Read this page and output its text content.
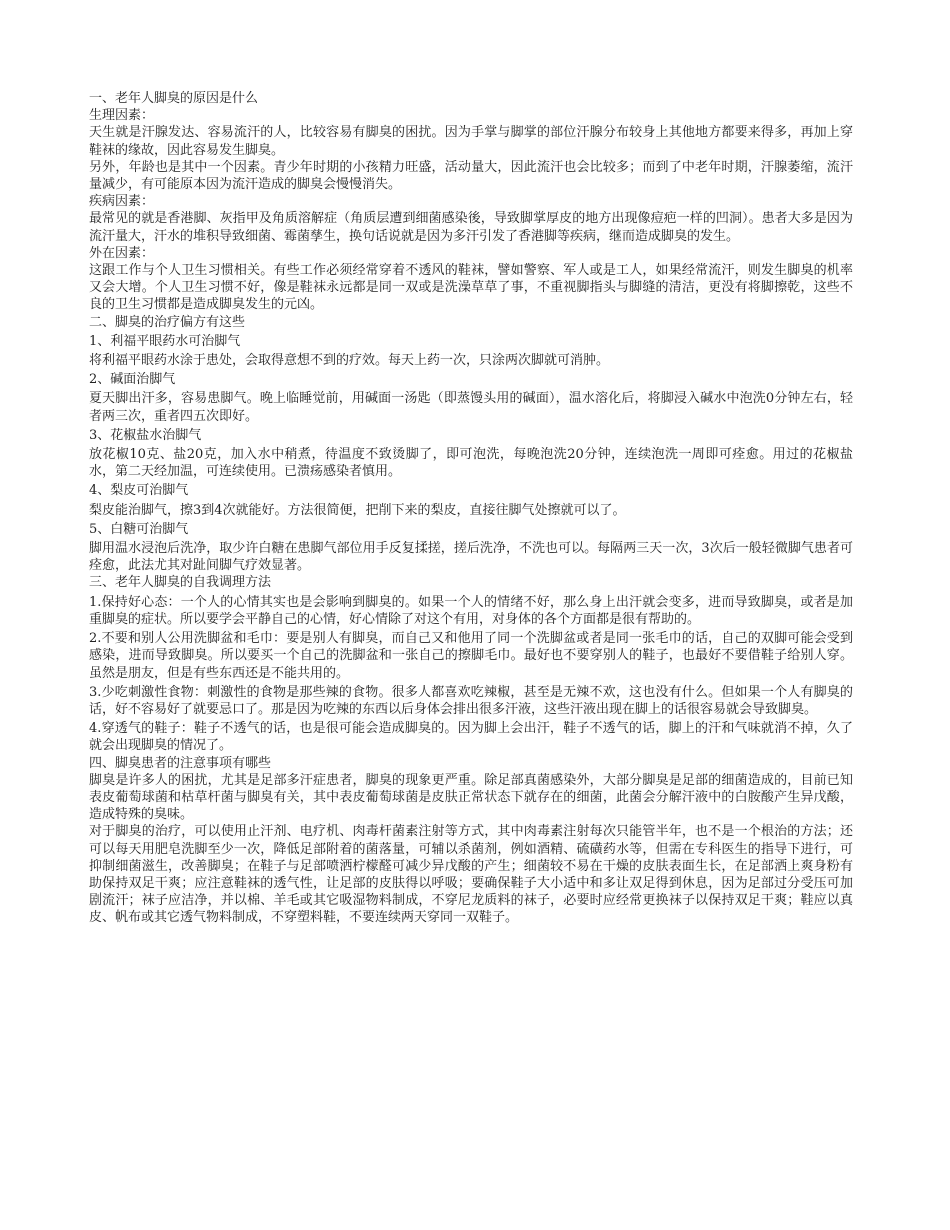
一、老年人脚臭的原因是什么

生理因素：

天生就是汗腺发达、容易流汗的人，比较容易有脚臭的困扰。因为手掌与脚掌的部位汗腺分布较身上其他地方都要来得多，再加上穿鞋袜的缘故，因此容易发生脚臭。

另外，年龄也是其中一个因素。青少年时期的小孩精力旺盛，活动量大，因此流汗也会比较多；而到了中老年时期，汗腺萎缩，流汗量减少，有可能原本因为流汗造成的脚臭会慢慢消失。

疾病因素：

最常见的就是香港脚、灰指甲及角质溶解症（角质层遭到细菌感染後，导致脚掌厚皮的地方出现像痘疤一样的凹洞）。患者大多是因为流汗量大，汗水的堆积导致细菌、霉菌孳生，换句话说就是因为多汗引发了香港脚等疾病，继而造成脚臭的发生。

外在因素：

这跟工作与个人卫生习惯相关。有些工作必须经常穿着不透风的鞋袜，譬如警察、军人或是工人，如果经常流汗，则发生脚臭的机率又会大增。个人卫生习惯不好，像是鞋袜永远都是同一双或是洗澡草草了事，不重视脚指头与脚缝的清洁，更没有将脚擦乾，这些不良的卫生习惯都是造成脚臭发生的元凶。

二、脚臭的治疗偏方有这些

1、利福平眼药水可治脚气

将利福平眼药水涂于患处，会取得意想不到的疗效。每天上药一次，只涂两次脚就可消肿。

2、碱面治脚气

夏天脚出汗多，容易患脚气。晚上临睡觉前，用碱面一汤匙（即蒸馒头用的碱面），温水溶化后，将脚浸入碱水中泡洗0分钟左右，轻者两三次，重者四五次即好。

3、花椒盐水治脚气

放花椒10克、盐20克，加入水中稍煮，待温度不致烫脚了，即可泡洗，每晚泡洗20分钟，连续泡洗一周即可痊愈。用过的花椒盐水，第二天经加温，可连续使用。已溃疡感染者慎用。

4、梨皮可治脚气

梨皮能治脚气，擦3到4次就能好。方法很简便，把削下来的梨皮，直接往脚气处擦就可以了。

5、白糖可治脚气

脚用温水浸泡后洗净，取少许白糖在患脚气部位用手反复揉搓，搓后洗净，不洗也可以。每隔两三天一次，3次后一般轻微脚气患者可痊愈，此法尤其对趾间脚气疗效显著。

三、老年人脚臭的自我调理方法

1.保持好心态：一个人的心情其实也是会影响到脚臭的。如果一个人的情绪不好，那么身上出汗就会变多，进而导致脚臭，或者是加重脚臭的症状。所以要学会平静自己的心情，好心情除了对这个有用，对身体的各个方面都是很有帮助的。

2.不要和别人公用洗脚盆和毛巾：要是别人有脚臭，而自己又和他用了同一个洗脚盆或者是同一张毛巾的话，自己的双脚可能会受到感染，进而导致脚臭。所以要买一个自己的洗脚盆和一张自己的擦脚毛巾。最好也不要穿别人的鞋子，也最好不要借鞋子给别人穿。虽然是朋友，但是有些东西还是不能共用的。

3.少吃刺激性食物：刺激性的食物是那些辣的食物。很多人都喜欢吃辣椒，甚至是无辣不欢，这也没有什么。但如果一个人有脚臭的话，好不容易好了就要忌口了。那是因为吃辣的东西以后身体会排出很多汗液，这些汗液出现在脚上的话很容易就会导致脚臭。

4.穿透气的鞋子：鞋子不透气的话，也是很可能会造成脚臭的。因为脚上会出汗，鞋子不透气的话，脚上的汗和气味就消不掉，久了就会出现脚臭的情况了。

四、脚臭患者的注意事项有哪些

脚臭是许多人的困扰，尤其是足部多汗症患者，脚臭的现象更严重。除足部真菌感染外，大部分脚臭是足部的细菌造成的，目前已知表皮葡萄球菌和枯草杆菌与脚臭有关，其中表皮葡萄球菌是皮肤正常状态下就存在的细菌，此菌会分解汗液中的白胺酸产生异戊酸，造成特殊的臭味。

对于脚臭的治疗，可以使用止汗剂、电疗机、肉毒杆菌素注射等方式，其中肉毒素注射每次只能管半年，也不是一个根治的方法；还可以每天用肥皂洗脚至少一次，降低足部附着的菌落量，可辅以杀菌剂，例如酒精、硫磺药水等，但需在专科医生的指导下进行，可抑制细菌滋生，改善脚臭；在鞋子与足部喷洒柠檬醛可减少异戊酸的产生；细菌较不易在干燥的皮肤表面生长，在足部洒上爽身粉有助保持双足干爽；应注意鞋袜的透气性，让足部的皮肤得以呼吸；要确保鞋子大小适中和多让双足得到休息，因为足部过分受压可加剧流汗；袜子应洁净，并以棉、羊毛或其它吸湿物料制成，不穿尼龙质料的袜子，必要时应经常更换袜子以保持双足干爽；鞋应以真皮、帆布或其它透气物料制成，不穿塑料鞋，不要连续两天穿同一双鞋子。
